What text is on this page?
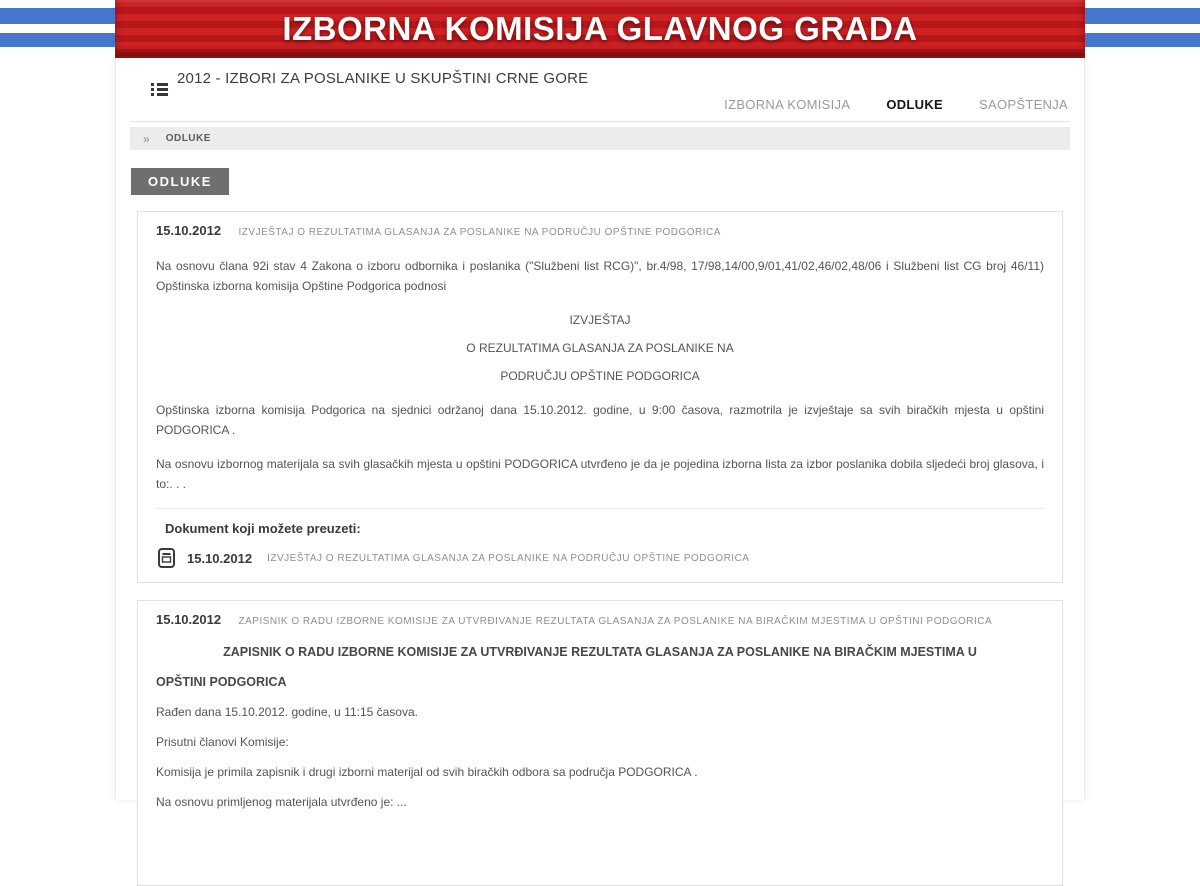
IZBORNA KOMISIJA GLAVNOG GRADA
2012 - IZBORI ZA POSLANIKE U SKUPŠTINI CRNE GORE
IZBORNA KOMISIJA	ODLUKE	SAOPŠTENJA
» ODLUKE
ODLUKE
15.10.2012 IZVJEŠTAJ O REZULTATIMA GLASANJA ZA POSLANIKE NA PODRUČJU OPŠTINE PODGORICA

Na osnovu člana 92i stav 4 Zakona o izboru odbornika i poslanika ("Službeni list RCG)", br.4/98, 17/98,14/00,9/01,41/02,46/02,48/06 i Službeni list CG broj 46/11) Opštinska izborna komisija Opštine Podgorica podnosi

IZVJEŠTAJ

O REZULTATIMA GLASANJA ZA POSLANIKE NA

PODRUČJU OPŠTINE PODGORICA

Opštinska izborna komisija Podgorica na sjednici održanoj dana 15.10.2012. godine, u 9:00 časova, razmotrila je izvještaje sa svih biračkih mjesta u opštini PODGORICA .

Na osnovu izbornog materijala sa svih glasačkih mjesta u opštini PODGORICA utvrđeno je da je pojedina izborna lista za izbor poslanika dobila sljedeći broj glasova, i to:. . .

Dokument koji možete preuzeti:
15.10.2012 IZVJEŠTAJ O REZULTATIMA GLASANJA ZA POSLANIKE NA PODRUČJU OPŠTINE PODGORICA
15.10.2012 ZAPISNIK O RADU IZBORNE KOMISIJE ZA UTVRĐIVANJE REZULTATA GLASANJA ZA POSLANIKE NA BIRAČKIM MJESTIMA U OPŠTINI PODGORICA
ZAPISNIK O RADU IZBORNE KOMISIJE ZA UTVRĐIVANJE REZULTATA GLASANJA ZA POSLANIKE NA BIRAČKIM MJESTIMA U
OPŠTINI PODGORICA

Rađen dana 15.10.2012. godine, u 11:15 časova.

Prisutni članovi Komisije:

Komisija je primila zapisnik i drugi izborni materijal od svih biračkih odbora sa područja PODGORICA .

Na osnovu primljenog materijala utvrđeno je: ...
